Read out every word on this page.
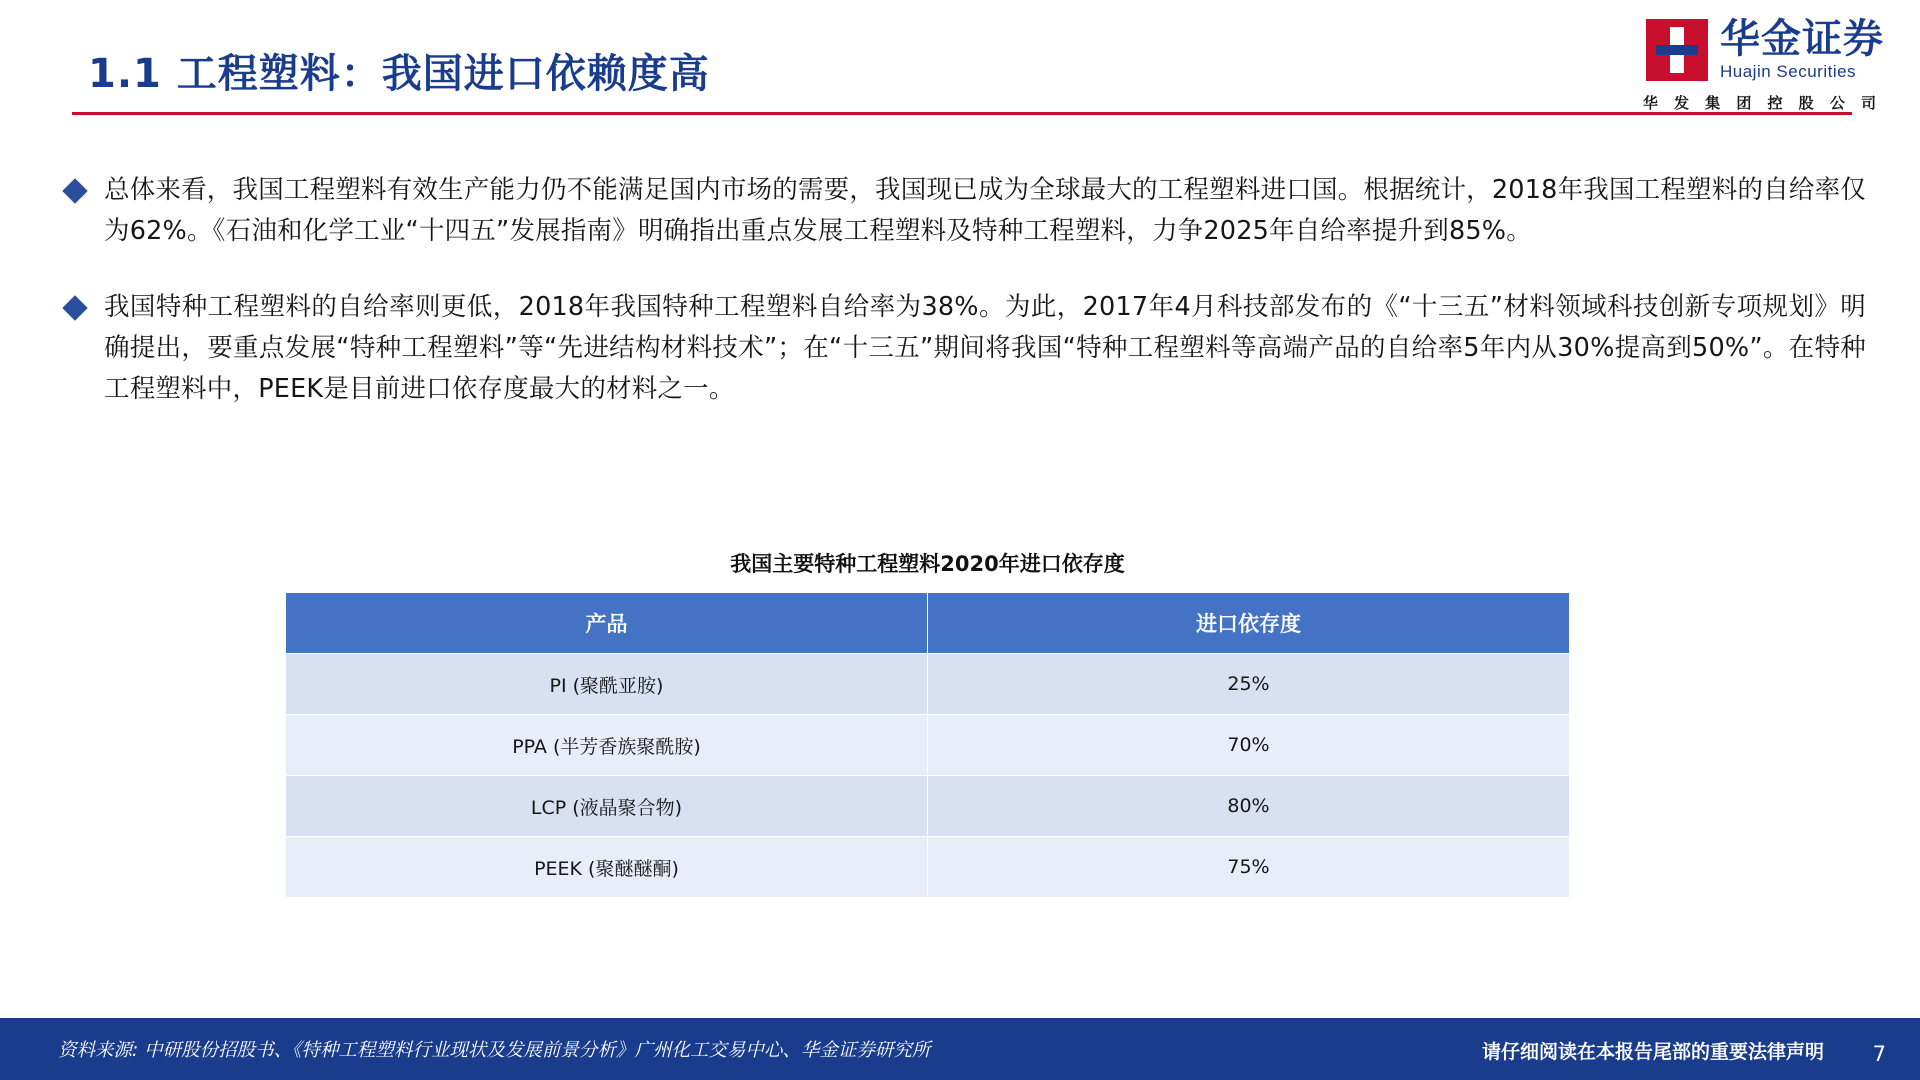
华金证券
Huajin Securities
华 发 集 团 控 股 公 司
1.1 工程塑料：我国进口依赖度高
总体来看，我国工程塑料有效生产能力仍不能满足国内市场的需要，我国现已成为全球最大的工程塑料进口国。根据统计，2018年我国工程塑料的自给率仅为62%。《石油和化学工业“十四五”发展指南》明确指出重点发展工程塑料及特种工程塑料，力争2025年自给率提升到85%。
我国特种工程塑料的自给率则更低，2018年我国特种工程塑料自给率为38%。为此，2017年4月科技部发布的《“十三五”材料领域科技创新专项规划》明确提出，要重点发展“特种工程塑料”等“先进结构材料技术”；在“十三五”期间将我国“特种工程塑料等高端产品的自给率5年内从30%提高到50%”。在特种工程塑料中，PEEK是目前进口依存度最大的材料之一。
我国主要特种工程塑料2020年进口依存度
产品	进口依存度
PI (聚酰亚胺)	25%
PPA (半芳香族聚酰胺)	70%
LCP (液晶聚合物)	80%
PEEK (聚醚醚酮)	75%
资料来源: 中研股份招股书、《特种工程塑料行业现状及发展前景分析》广州化工交易中心、华金证券研究所	请仔细阅读在本报告尾部的重要法律声明 7
